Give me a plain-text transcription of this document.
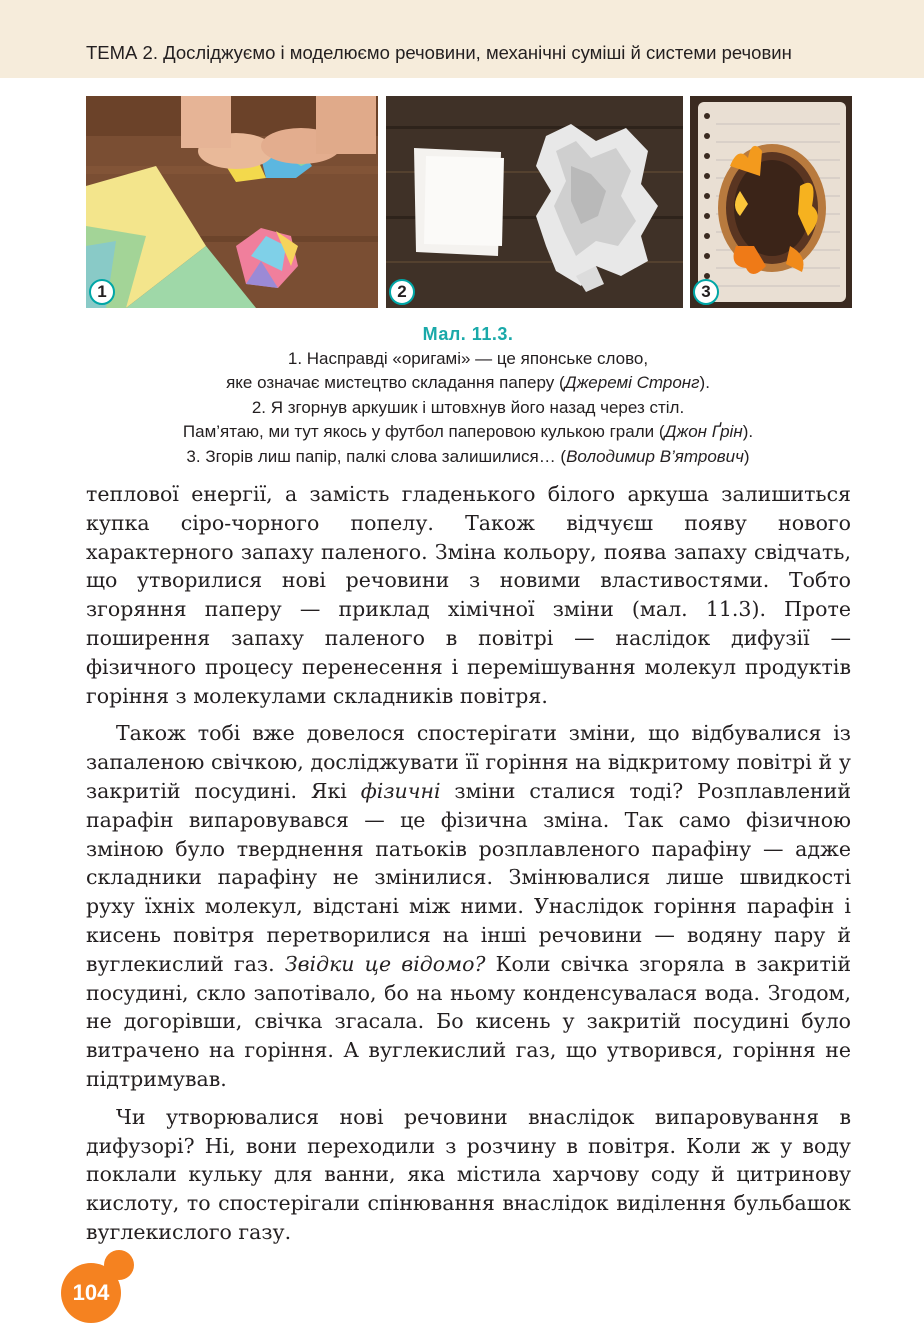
ТЕМА 2. Досліджуємо і моделюємо речовини, механічні суміші й системи речовин
1	2	3
Мал. 11.3.
1. Насправді «оригамі» — це японське слово,
яке означає мистецтво складання паперу (Джеремі Стронг).
2. Я згорнув аркушик і штовхнув його назад через стіл.
Пам’ятаю, ми тут якось у футбол паперовою кулькою грали (Джон Ґрін).
3. Згорів лиш папір, палкі слова залишилися… (Володимир В’ятрович)

теплової енергії, а замість гладенького білого аркуша залишиться купка сіро-чорного попелу. Також відчуєш появу нового характерного запаху паленого. Зміна кольору, поява запаху свідчать, що утворилися нові речовини з новими властивостями. Тобто згоряння паперу — приклад хімічної зміни (мал. 11.3). Проте поширення запаху паленого в повітрі — наслідок дифузії — фізичного процесу перенесення і перемішування молекул продуктів горіння з молекулами складників повітря.

Також тобі вже довелося спостерігати зміни, що відбувалися із запаленою свічкою, досліджувати її горіння на відкритому повітрі й у закритій посудині. Які фізичні зміни сталися тоді? Розплавлений парафін випаровувався — це фізична зміна. Так само фізичною зміною було тверднення патьоків розплавленого парафіну — адже складники парафіну не змінилися. Змінювалися лише швидкості руху їхніх молекул, відстані між ними. Унаслідок горіння парафін і кисень повітря перетворилися на інші речовини — водяну пару й вуглекислий газ. Звідки це відомо? Коли свічка згоряла в закритій посудині, скло запотівало, бо на ньому конденсувалася вода. Згодом, не догорівши, свічка згасала. Бо кисень у закритій посудині було витрачено на горіння. А вуглекислий газ, що утворився, горіння не підтримував.

Чи утворювалися нові речовини внаслідок випаровування в дифузорі? Ні, вони переходили з розчину в повітря. Коли ж у воду поклали кульку для ванни, яка містила харчову соду й цитринову кислоту, то спостерігали спінювання внаслідок виділення бульбашок вуглекислого газу.

104
